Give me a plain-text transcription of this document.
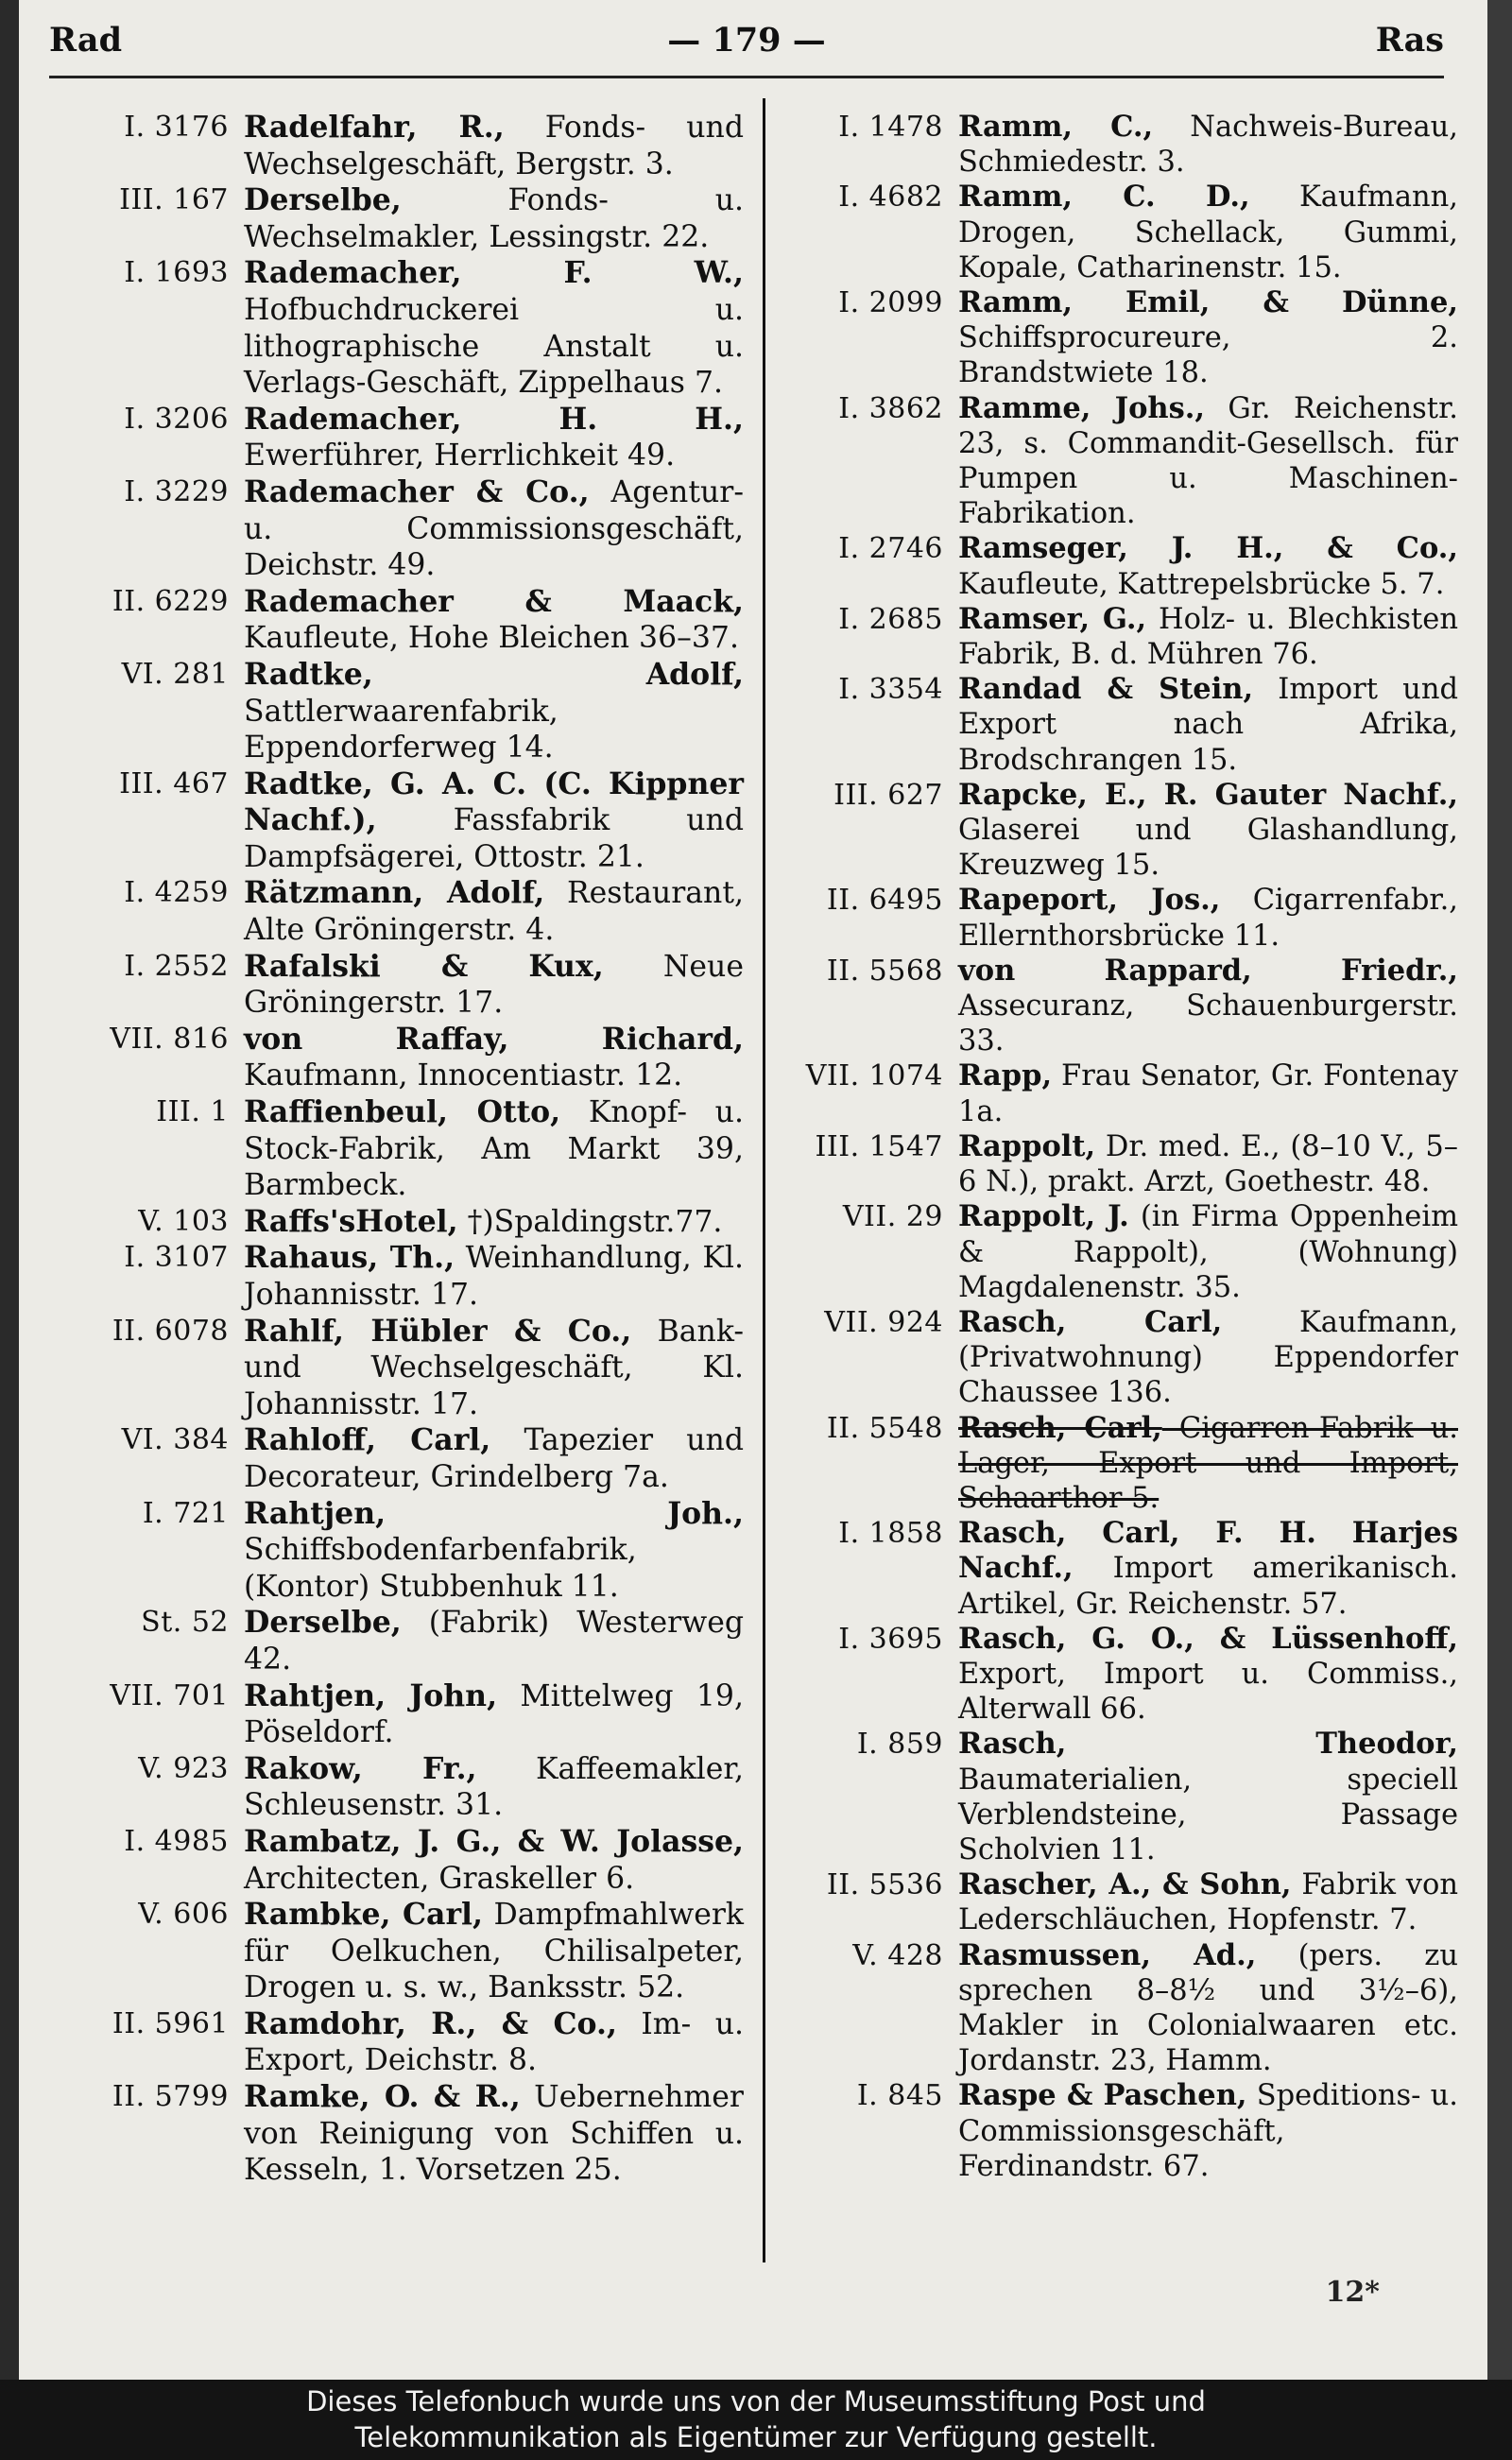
Rad	— 179 —	Ras
I. 3176 Radelfahr, R., Fonds- und Wechselgeschäft, Bergstr. 3.
III. 167 Derselbe, Fonds- u. Wechselmakler, Lessingstr. 22.
I. 1693 Rademacher, F. W., Hofbuchdruckerei u. lithographische Anstalt u. Verlags-Geschäft, Zippelhaus 7.
I. 3206 Rademacher, H. H., Ewerführer, Herrlichkeit 49.
I. 3229 Rademacher & Co., Agentur- u. Commissionsgeschäft, Deichstr. 49.
II. 6229 Rademacher & Maack, Kaufleute, Hohe Bleichen 36–37.
VI. 281 Radtke, Adolf, Sattlerwaarenfabrik, Eppendorferweg 14.
III. 467 Radtke, G. A. C. (C. Kippner Nachf.), Fassfabrik und Dampfsägerei, Ottostr. 21.
I. 4259 Rätzmann, Adolf, Restaurant, Alte Gröningerstr. 4.
I. 2552 Rafalski & Kux, Neue Gröningerstr. 17.
VII. 816 von Raffay, Richard, Kaufmann, Innocentiastr. 12.
III. 1 Raffienbeul, Otto, Knopf- u. Stock-Fabrik, Am Markt 39, Barmbeck.
V. 103 Raffs'sHotel, †)Spaldingstr.77.
I. 3107 Rahaus, Th., Weinhandlung, Kl. Johannisstr. 17.
II. 6078 Rahlf, Hübler & Co., Bank- und Wechselgeschäft, Kl. Johannisstr. 17.
VI. 384 Rahloff, Carl, Tapezier und Decorateur, Grindelberg 7a.
I. 721 Rahtjen, Joh., Schiffsbodenfarbenfabrik, (Kontor) Stubbenhuk 11.
St. 52 Derselbe, (Fabrik) Westerweg 42.
VII. 701 Rahtjen, John, Mittelweg 19, Pöseldorf.
V. 923 Rakow, Fr., Kaffeemakler, Schleusenstr. 31.
I. 4985 Rambatz, J. G., & W. Jolasse, Architecten, Graskeller 6.
V. 606 Rambke, Carl, Dampfmahlwerk für Oelkuchen, Chilisalpeter, Drogen u. s. w., Banksstr. 52.
II. 5961 Ramdohr, R., & Co., Im- u. Export, Deichstr. 8.
II. 5799 Ramke, O. & R., Uebernehmer von Reinigung von Schiffen u. Kesseln, 1. Vorsetzen 25.
I. 1478 Ramm, C., Nachweis-Bureau, Schmiedestr. 3.
I. 4682 Ramm, C. D., Kaufmann, Drogen, Schellack, Gummi, Kopale, Catharinenstr. 15.
I. 2099 Ramm, Emil, & Dünne, Schiffsprocureure, 2. Brandstwiete 18.
I. 3862 Ramme, Johs., Gr. Reichenstr. 23, s. Commandit-Gesellsch. für Pumpen u. Maschinen-Fabrikation.
I. 2746 Ramseger, J. H., & Co., Kaufleute, Kattrepelsbrücke 5. 7.
I. 2685 Ramser, G., Holz- u. Blechkisten Fabrik, B. d. Mühren 76.
I. 3354 Randad & Stein, Import und Export nach Afrika, Brodschrangen 15.
III. 627 Rapcke, E., R. Gauter Nachf., Glaserei und Glashandlung, Kreuzweg 15.
II. 6495 Rapeport, Jos., Cigarrenfabr., Ellernthorsbrücke 11.
II. 5568 von Rappard, Friedr., Assecuranz, Schauenburgerstr. 33.
VII. 1074 Rapp, Frau Senator, Gr. Fontenay 1a.
III. 1547 Rappolt, Dr. med. E., (8–10 V., 5–6 N.), prakt. Arzt, Goethestr. 48.
VII. 29 Rappolt, J. (in Firma Oppenheim & Rappolt), (Wohnung) Magdalenenstr. 35.
VII. 924 Rasch, Carl, Kaufmann, (Privatwohnung) Eppendorfer Chaussee 136.
II. 5548 Rasch, Carl, Cigarren-Fabrik u. Lager, Export und Import, Schaarthor 5.
I. 1858 Rasch, Carl, F. H. Harjes Nachf., Import amerikanisch. Artikel, Gr. Reichenstr. 57.
I. 3695 Rasch, G. O., & Lüssenhoff, Export, Import u. Commiss., Alterwall 66.
I. 859 Rasch, Theodor, Baumaterialien, speciell Verblendsteine, Passage Scholvien 11.
II. 5536 Rascher, A., & Sohn, Fabrik von Lederschläuchen, Hopfenstr. 7.
V. 428 Rasmussen, Ad., (pers. zu sprechen 8–8½ und 3½–6), Makler in Colonialwaaren etc. Jordanstr. 23, Hamm.
I. 845 Raspe & Paschen, Speditions- u. Commissionsgeschäft, Ferdinandstr. 67.
12*
Dieses Telefonbuch wurde uns von der Museumsstiftung Post und
Telekommunikation als Eigentümer zur Verfügung gestellt.
